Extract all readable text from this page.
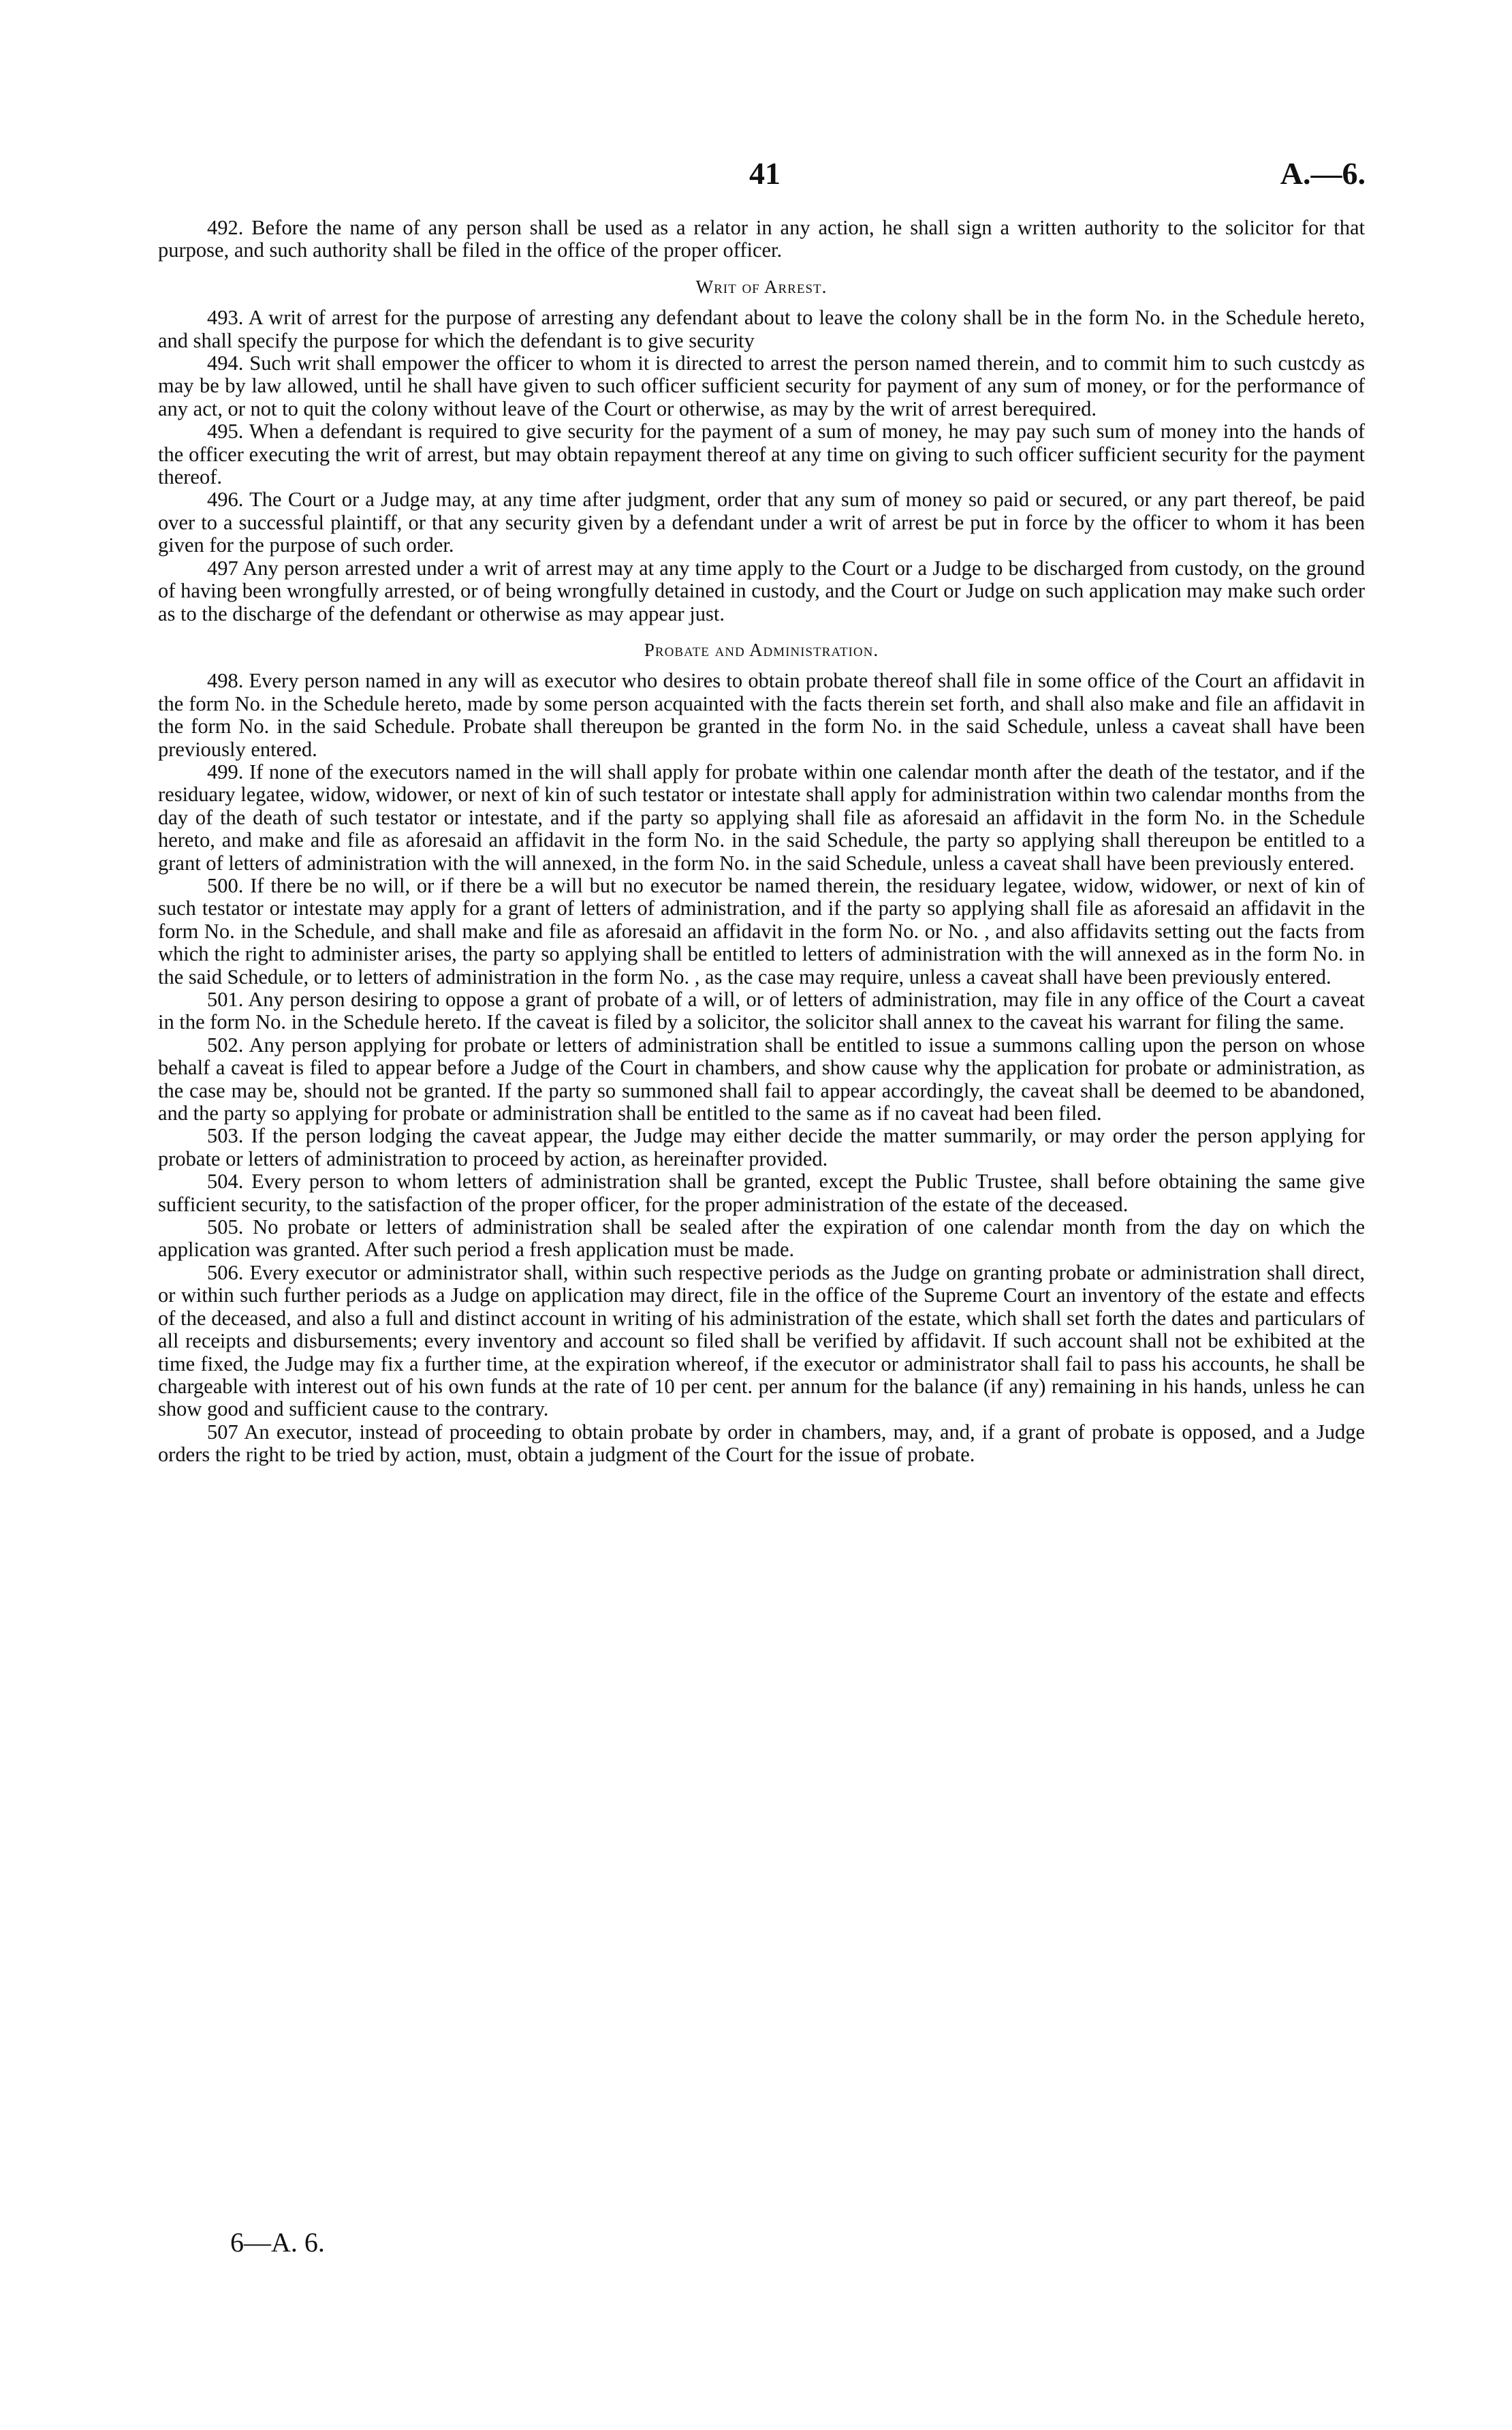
41	A.—6.

492. Before the name of any person shall be used as a relator in any action, he shall sign a written authority to the solicitor for that purpose, and such authority shall be filed in the office of the proper officer.

Writ of Arrest.

493. A writ of arrest for the purpose of arresting any defendant about to leave the colony shall be in the form No. in the Schedule hereto, and shall specify the purpose for which the defendant is to give security

494. Such writ shall empower the officer to whom it is directed to arrest the person named therein, and to commit him to such custcdy as may be by law allowed, until he shall have given to such officer sufficient security for payment of any sum of money, or for the performance of any act, or not to quit the colony without leave of the Court or otherwise, as may by the writ of arrest berequired.

495. When a defendant is required to give security for the payment of a sum of money, he may pay such sum of money into the hands of the officer executing the writ of arrest, but may obtain repayment thereof at any time on giving to such officer sufficient security for the payment thereof.

496. The Court or a Judge may, at any time after judgment, order that any sum of money so paid or secured, or any part thereof, be paid over to a successful plaintiff, or that any security given by a defendant under a writ of arrest be put in force by the officer to whom it has been given for the purpose of such order.

497 Any person arrested under a writ of arrest may at any time apply to the Court or a Judge to be discharged from custody, on the ground of having been wrongfully arrested, or of being wrongfully detained in custody, and the Court or Judge on such application may make such order as to the discharge of the defendant or otherwise as may appear just.

Probate and Administration.

498. Every person named in any will as executor who desires to obtain probate thereof shall file in some office of the Court an affidavit in the form No. in the Schedule hereto, made by some person acquainted with the facts therein set forth, and shall also make and file an affidavit in the form No. in the said Schedule. Probate shall thereupon be granted in the form No. in the said Schedule, unless a caveat shall have been previously entered.

499. If none of the executors named in the will shall apply for probate within one calendar month after the death of the testator, and if the residuary legatee, widow, widower, or next of kin of such testator or intestate shall apply for administration within two calendar months from the day of the death of such testator or intestate, and if the party so applying shall file as aforesaid an affidavit in the form No. in the Schedule hereto, and make and file as aforesaid an affidavit in the form No. in the said Schedule, the party so applying shall thereupon be entitled to a grant of letters of administration with the will annexed, in the form No. in the said Schedule, unless a caveat shall have been previously entered.

500. If there be no will, or if there be a will but no executor be named therein, the residuary legatee, widow, widower, or next of kin of such testator or intestate may apply for a grant of letters of administration, and if the party so applying shall file as aforesaid an affidavit in the form No. in the Schedule, and shall make and file as aforesaid an affidavit in the form No. or No. , and also affidavits setting out the facts from which the right to administer arises, the party so applying shall be entitled to letters of administration with the will annexed as in the form No. in the said Schedule, or to letters of administration in the form No. , as the case may require, unless a caveat shall have been previously entered.

501. Any person desiring to oppose a grant of probate of a will, or of letters of administration, may file in any office of the Court a caveat in the form No. in the Schedule hereto. If the caveat is filed by a solicitor, the solicitor shall annex to the caveat his warrant for filing the same.

502. Any person applying for probate or letters of administration shall be entitled to issue a summons calling upon the person on whose behalf a caveat is filed to appear before a Judge of the Court in chambers, and show cause why the application for probate or administration, as the case may be, should not be granted. If the party so summoned shall fail to appear accordingly, the caveat shall be deemed to be abandoned, and the party so applying for probate or administration shall be entitled to the same as if no caveat had been filed.

503. If the person lodging the caveat appear, the Judge may either decide the matter summarily, or may order the person applying for probate or letters of administration to proceed by action, as hereinafter provided.

504. Every person to whom letters of administration shall be granted, except the Public Trustee, shall before obtaining the same give sufficient security, to the satisfaction of the proper officer, for the proper administration of the estate of the deceased.

505. No probate or letters of administration shall be sealed after the expiration of one calendar month from the day on which the application was granted. After such period a fresh application must be made.

506. Every executor or administrator shall, within such respective periods as the Judge on granting probate or administration shall direct, or within such further periods as a Judge on application may direct, file in the office of the Supreme Court an inventory of the estate and effects of the deceased, and also a full and distinct account in writing of his administration of the estate, which shall set forth the dates and particulars of all receipts and disbursements; every inventory and account so filed shall be verified by affidavit. If such account shall not be exhibited at the time fixed, the Judge may fix a further time, at the expiration whereof, if the executor or administrator shall fail to pass his accounts, he shall be chargeable with interest out of his own funds at the rate of 10 per cent. per annum for the balance (if any) remaining in his hands, unless he can show good and sufficient cause to the contrary.

507 An executor, instead of proceeding to obtain probate by order in chambers, may, and, if a grant of probate is opposed, and a Judge orders the right to be tried by action, must, obtain a judgment of the Court for the issue of probate.

6—A. 6.
